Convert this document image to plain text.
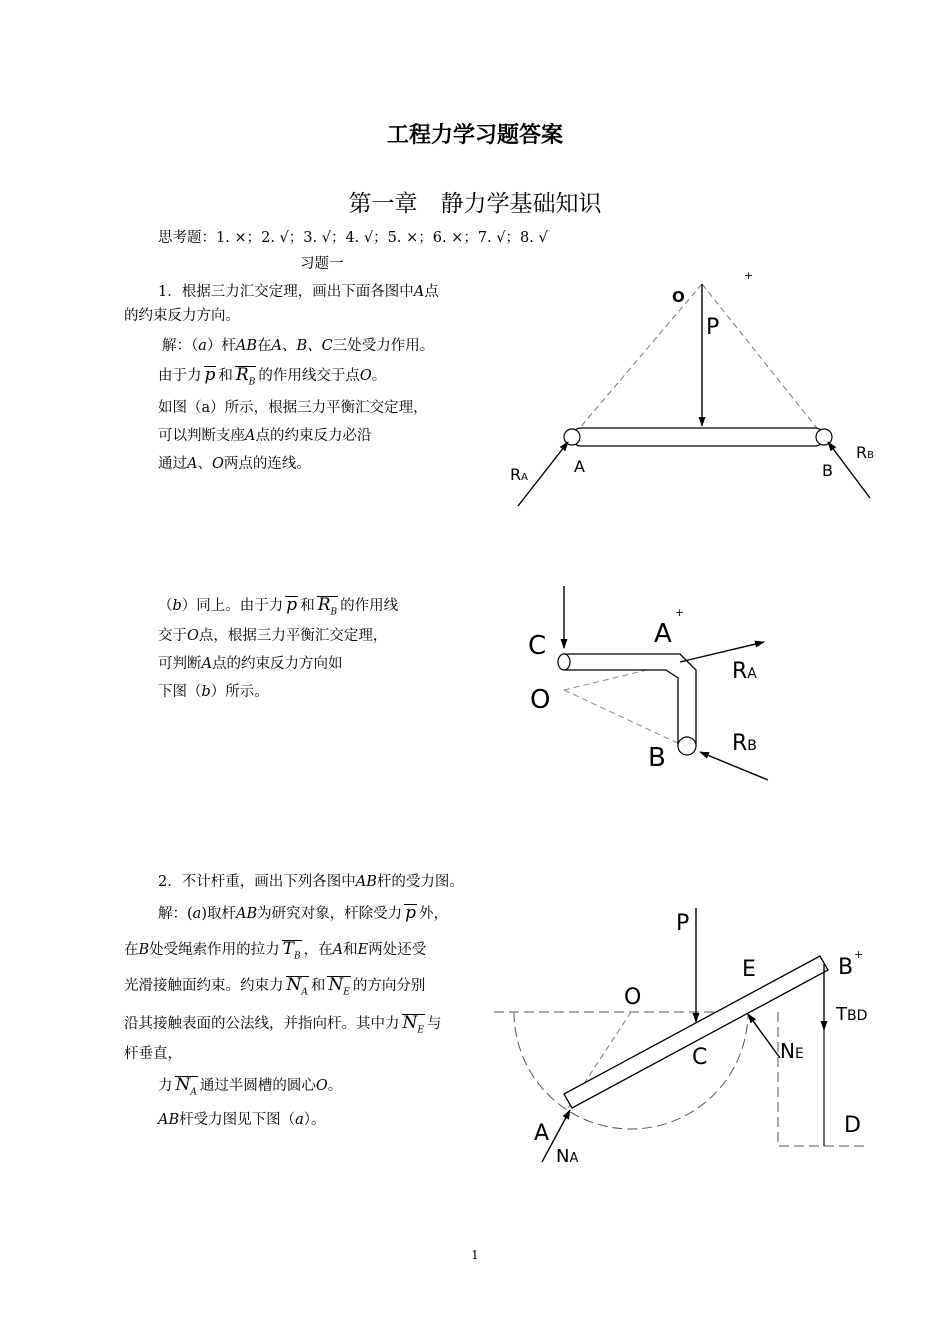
工程力学习题答案
第一章　静力学基础知识
思考题：1. ×；2. √；3. √；4. √；5. ×；6. ×；7. √；8. √
习题一
1．根据三力汇交定理，画出下面各图中A点
的约束反力方向。
解：（a）杆AB在A、B、C三处受力作用。
由于力 p 和 $R_B$ 的作用线交于点O。
如图（a）所示，根据三力平衡汇交定理，
可以判断支座A点的约束反力必沿
通过A、O两点的连线。
（b）同上。由于力 p 和 $R_B$ 的作用线
交于O点，根据三力平衡汇交定理，
可判断A点的约束反力方向如
下图（b）所示。
2．不计杆重，画出下列各图中AB杆的受力图。
解：(a)取杆AB为研究对象，杆除受力 p 外，
在B处受绳索作用的拉力 $T_B$ ，在A和E两处还受
光滑接触面约束。约束力 $N_A$ 和 $N_E$ 的方向分别
沿其接触表面的公法线，并指向杆。其中力 $N_E$ 与
杆垂直，
力 $N_A$ 通过半圆槽的圆心O。
AB杆受力图见下图（a）。
+
O
P
A	B
RA
RB
+
C	A
O
B
RA
RB
+
P
E	B
O
TBD
C	NE
A
NA
D
1
